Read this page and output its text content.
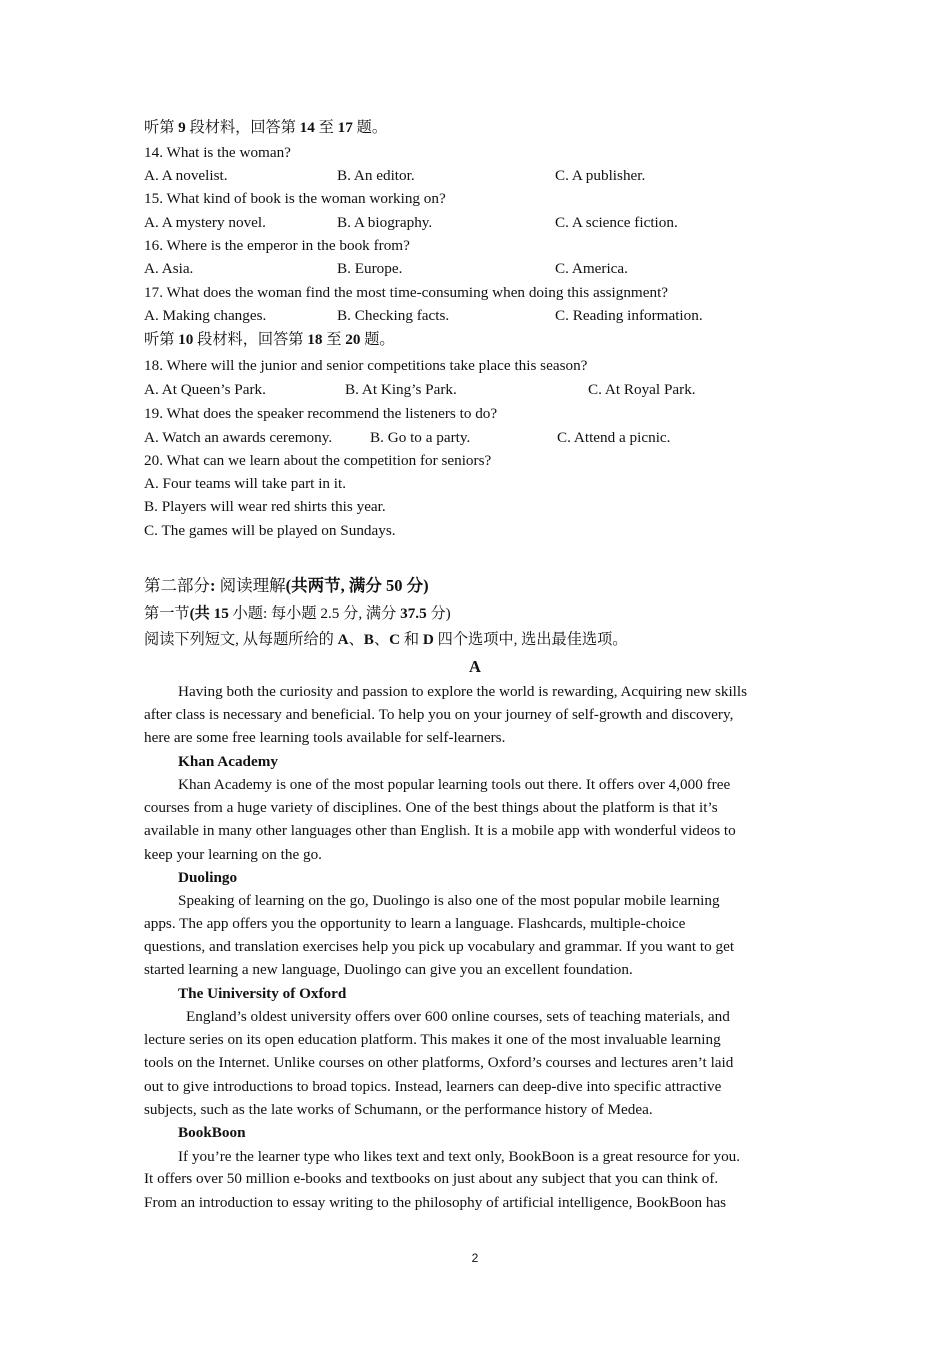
听第 9 段材料，回答第 14 至 17 题。
14. What is the woman?
A. A novelist.	B. An editor.	C. A publisher.
15. What kind of book is the woman working on?
A. A mystery novel.	B. A biography.	C. A science fiction.
16. Where is the emperor in the book from?
A. Asia.	B. Europe.	C. America.
17. What does the woman find the most time-consuming when doing this assignment?
A. Making changes.	B. Checking facts.	C. Reading information.
听第 10 段材料，回答第 18 至 20 题。
18. Where will the junior and senior competitions take place this season?
A. At Queen’s Park.	B. At King’s Park.	C. At Royal Park.
19. What does the speaker recommend the listeners to do?
A. Watch an awards ceremony. B. Go to a party.	C. Attend a picnic.
20. What can we learn about the competition for seniors?
A. Four teams will take part in it.
B. Players will wear red shirts this year.
C. The games will be played on Sundays.
第二部分: 阅读理解(共两节, 满分 50 分)
第一节(共 15 小题: 每小题 2.5 分, 满分 37.5 分)
阅读下列短文, 从每题所给的 A、B、C 和 D 四个选项中, 选出最佳选项。
A
Having both the curiosity and passion to explore the world is rewarding, Acquiring new skills
after class is necessary and beneficial. To help you on your journey of self-growth and discovery,
here are some free learning tools available for self-learners.
Khan Academy
Khan Academy is one of the most popular learning tools out there. It offers over 4,000 free
courses from a huge variety of disciplines. One of the best things about the platform is that it’s
available in many other languages other than English. It is a mobile app with wonderful videos to
keep your learning on the go.
Duolingo
Speaking of learning on the go, Duolingo is also one of the most popular mobile learning
apps. The app offers you the opportunity to learn a language. Flashcards, multiple-choice
questions, and translation exercises help you pick up vocabulary and grammar. If you want to get
started learning a new language, Duolingo can give you an excellent foundation.
The Uiniversity of Oxford
England’s oldest university offers over 600 online courses, sets of teaching materials, and
lecture series on its open education platform. This makes it one of the most invaluable learning
tools on the Internet. Unlike courses on other platforms, Oxford’s courses and lectures aren’t laid
out to give introductions to broad topics. Instead, learners can deep-dive into specific attractive
subjects, such as the late works of Schumann, or the performance history of Medea.
BookBoon
If you’re the learner type who likes text and text only, BookBoon is a great resource for you.
It offers over 50 million e-books and textbooks on just about any subject that you can think of.
From an introduction to essay writing to the philosophy of artificial intelligence, BookBoon has
2
